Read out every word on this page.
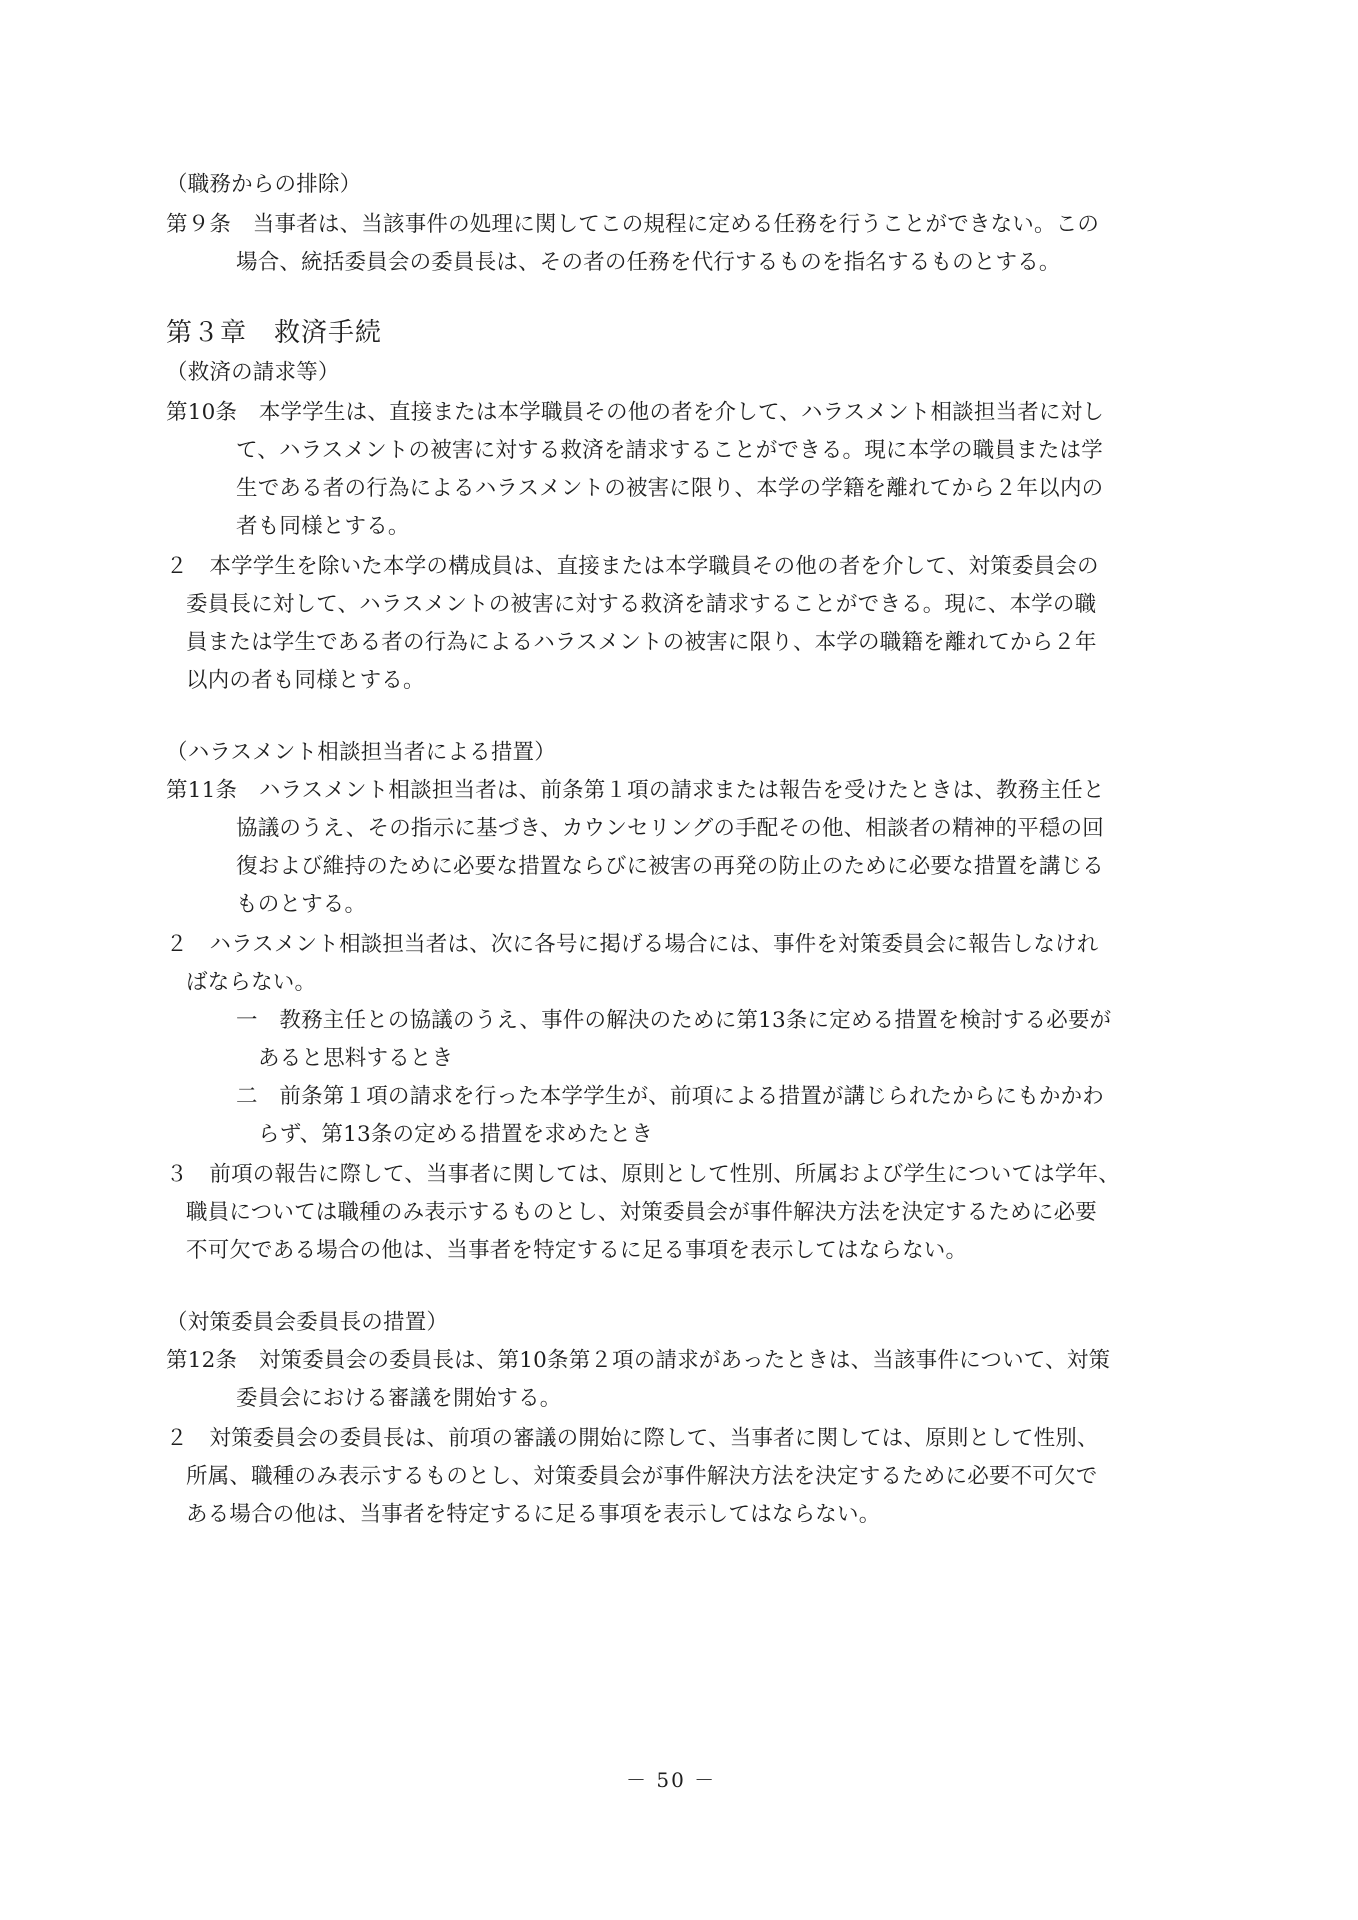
（職務からの排除）
第９条　当事者は、当該事件の処理に関してこの規程に定める任務を行うことができない。この
場合、統括委員会の委員長は、その者の任務を代行するものを指名するものとする。
第３章　救済手続
（救済の請求等）
第10条　本学学生は、直接または本学職員その他の者を介して、ハラスメント相談担当者に対し
て、ハラスメントの被害に対する救済を請求することができる。現に本学の職員または学
生である者の行為によるハラスメントの被害に限り、本学の学籍を離れてから２年以内の
者も同様とする。
２　本学学生を除いた本学の構成員は、直接または本学職員その他の者を介して、対策委員会の
委員長に対して、ハラスメントの被害に対する救済を請求することができる。現に、本学の職
員または学生である者の行為によるハラスメントの被害に限り、本学の職籍を離れてから２年
以内の者も同様とする。
（ハラスメント相談担当者による措置）
第11条　ハラスメント相談担当者は、前条第１項の請求または報告を受けたときは、教務主任と
協議のうえ、その指示に基づき、カウンセリングの手配その他、相談者の精神的平穏の回
復および維持のために必要な措置ならびに被害の再発の防止のために必要な措置を講じる
ものとする。
２　ハラスメント相談担当者は、次に各号に掲げる場合には、事件を対策委員会に報告しなけれ
ばならない。
一　教務主任との協議のうえ、事件の解決のために第13条に定める措置を検討する必要が
あると思料するとき
二　前条第１項の請求を行った本学学生が、前項による措置が講じられたからにもかかわ
らず、第13条の定める措置を求めたとき
３　前項の報告に際して、当事者に関しては、原則として性別、所属および学生については学年、
職員については職種のみ表示するものとし、対策委員会が事件解決方法を決定するために必要
不可欠である場合の他は、当事者を特定するに足る事項を表示してはならない。
（対策委員会委員長の措置）
第12条　対策委員会の委員長は、第10条第２項の請求があったときは、当該事件について、対策
委員会における審議を開始する。
２　対策委員会の委員長は、前項の審議の開始に際して、当事者に関しては、原則として性別、
所属、職種のみ表示するものとし、対策委員会が事件解決方法を決定するために必要不可欠で
ある場合の他は、当事者を特定するに足る事項を表示してはならない。
－ 50 －
